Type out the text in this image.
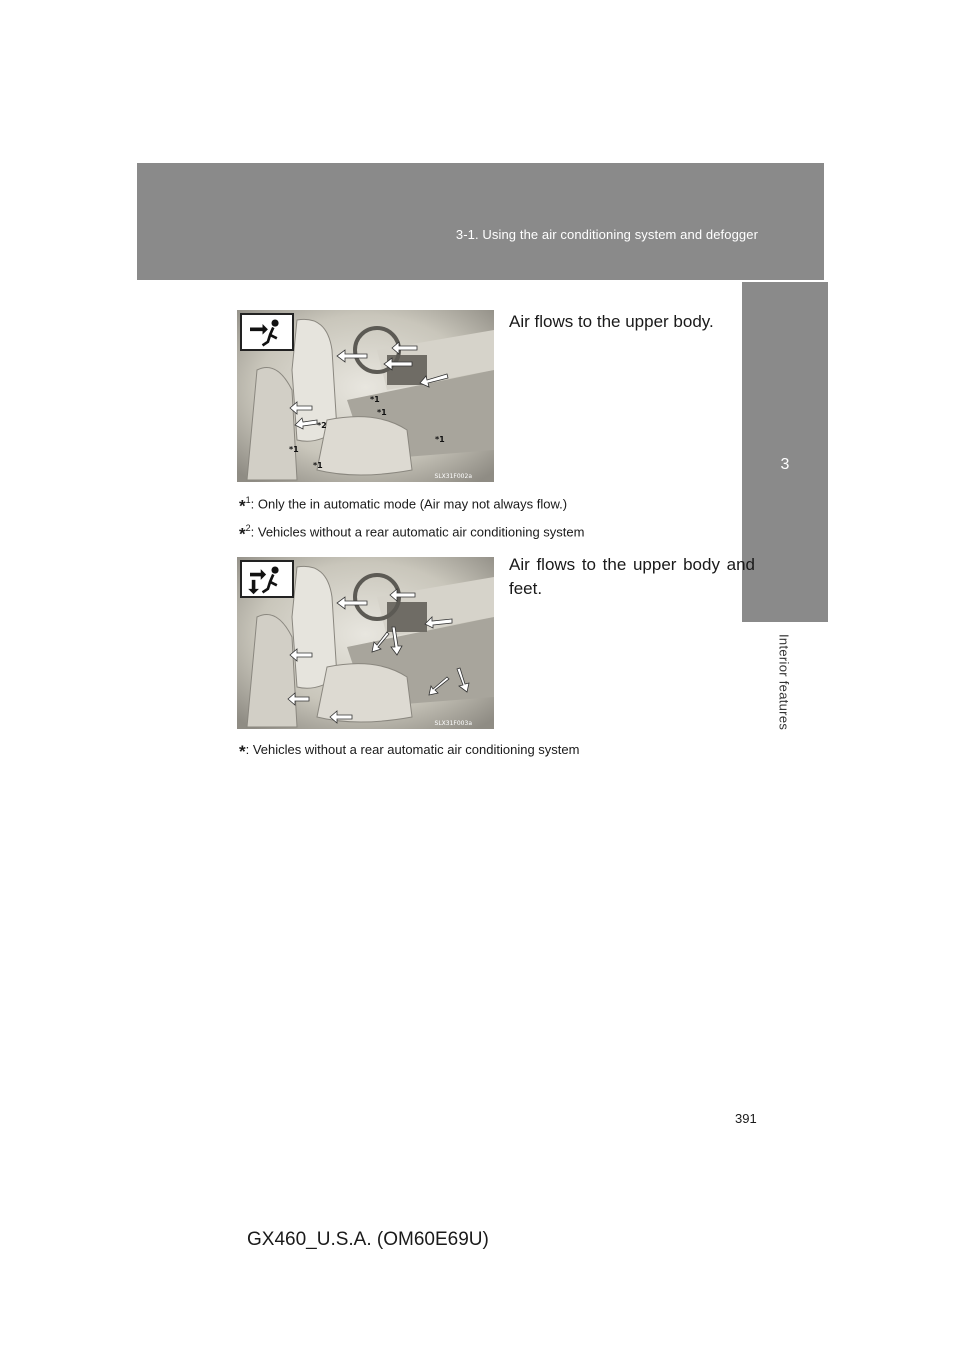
3-1. Using the air conditioning system and defogger
3
Interior features
*1
*2
*1
*1
*1
*1
SLX31F002a
Air flows to the upper body.
*$^1$: Only the in automatic mode (Air may not always flow.)
*$^2$: Vehicles without a rear automatic air conditioning system
SLX31F003a
Air flows to the upper body and feet.
*: Vehicles without a rear automatic air conditioning system
391
GX460_U.S.A. (OM60E69U)
